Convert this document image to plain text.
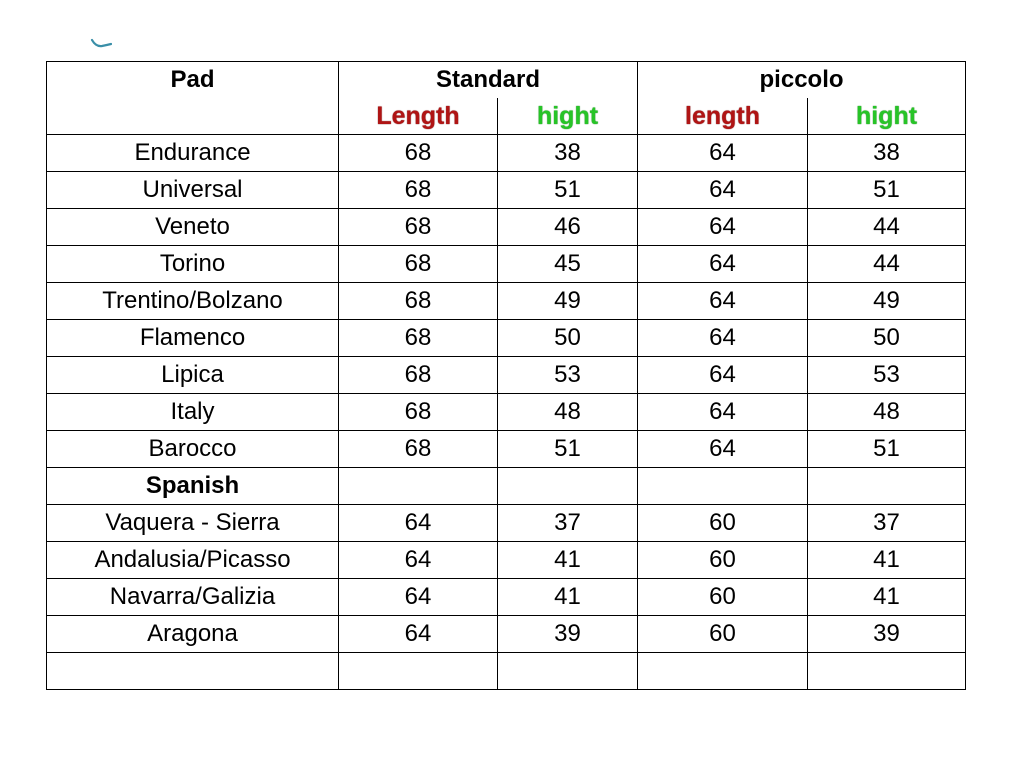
Pad	Standard		piccolo	
	Length	hight	length	hight
Endurance	68	38	64	38
Universal	68	51	64	51
Veneto	68	46	64	44
Torino	68	45	64	44
Trentino/Bolzano	68	49	64	49
Flamenco	68	50	64	50
Lipica	68	53	64	53
Italy	68	48	64	48
Barocco	68	51	64	51
Spanish				
Vaquera - Sierra	64	37	60	37
Andalusia/Picasso	64	41	60	41
Navarra/Galizia	64	41	60	41
Aragona	64	39	60	39
